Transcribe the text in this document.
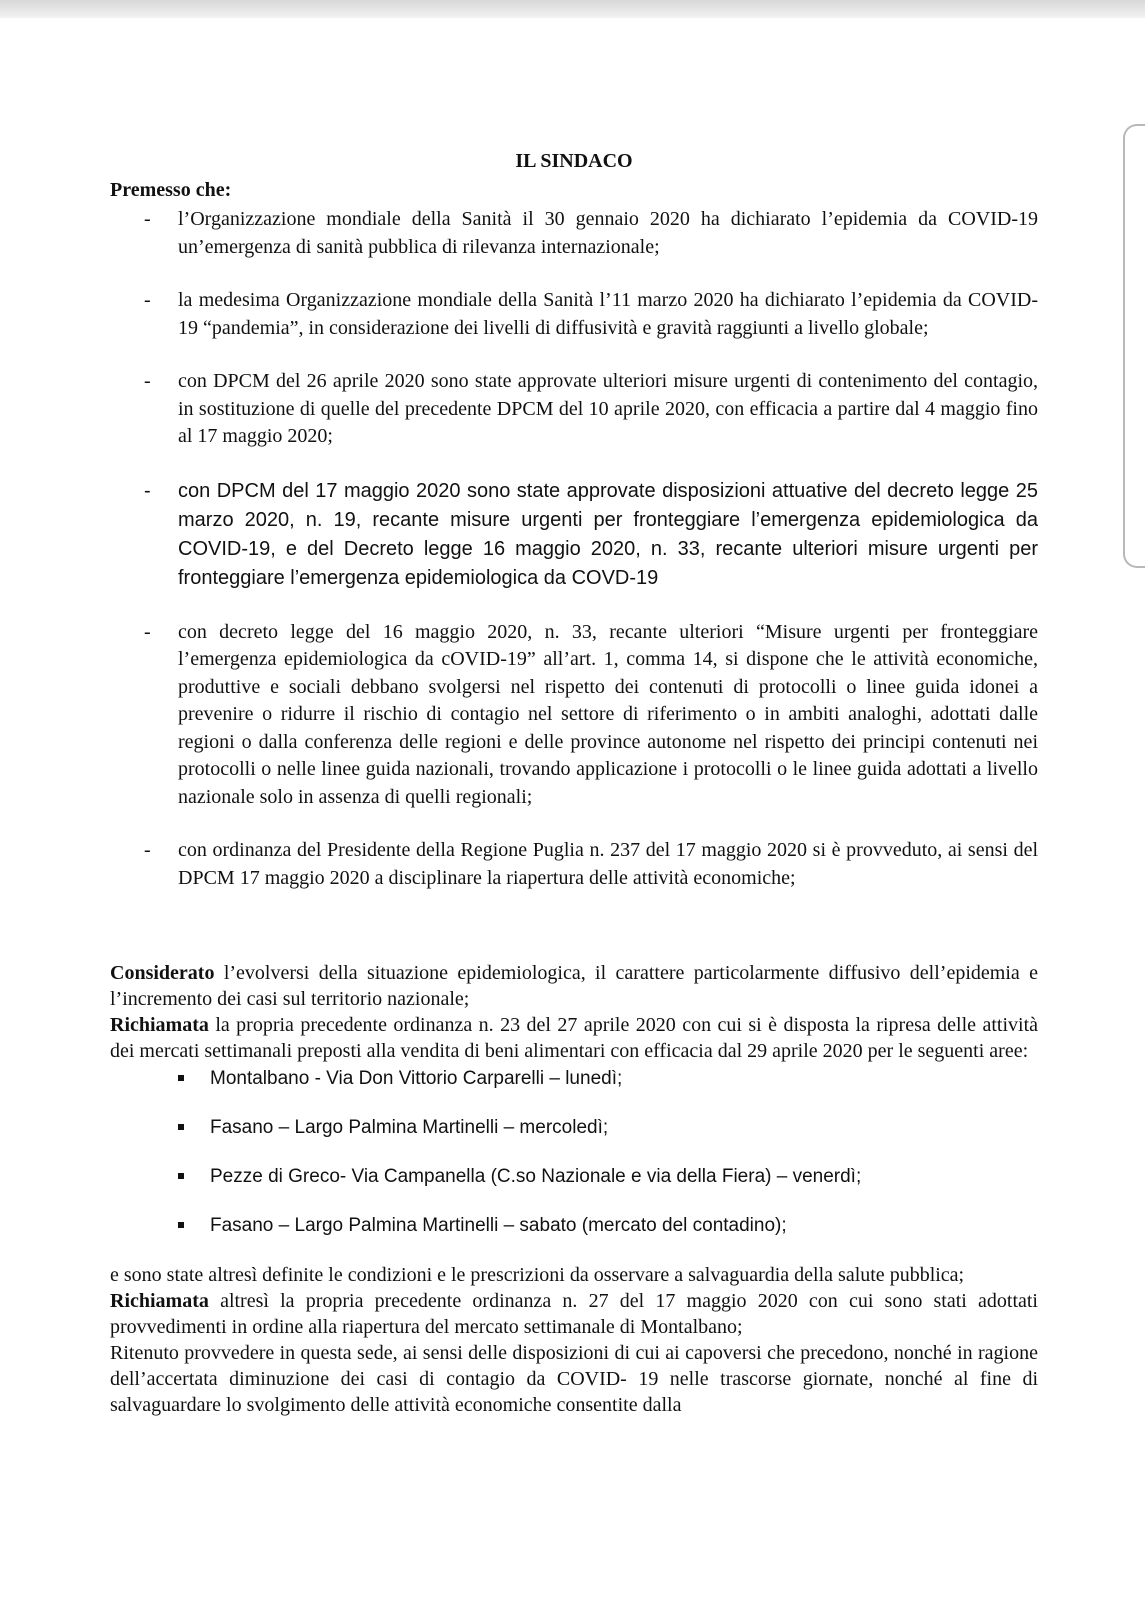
IL SINDACO

Premesso che:

- l’Organizzazione mondiale della Sanità il 30 gennaio 2020 ha dichiarato l’epidemia da COVID-19 un’emergenza di sanità pubblica di rilevanza internazionale;
- la medesima Organizzazione mondiale della Sanità l’11 marzo 2020 ha dichiarato l’epidemia da COVID-19 “pandemia”, in considerazione dei livelli di diffusività e gravità raggiunti a livello globale;
- con DPCM del 26 aprile 2020 sono state approvate ulteriori misure urgenti di contenimento del contagio, in sostituzione di quelle del precedente DPCM del 10 aprile 2020, con efficacia a partire dal 4 maggio fino al 17 maggio 2020;
- con DPCM del 17 maggio 2020 sono state approvate disposizioni attuative del decreto legge 25 marzo 2020, n. 19, recante misure urgenti per fronteggiare l’emergenza epidemiologica da COVID-19, e del Decreto legge 16 maggio 2020, n. 33, recante ulteriori misure urgenti per fronteggiare l’emergenza epidemiologica da COVD-19
- con decreto legge del 16 maggio 2020, n. 33, recante ulteriori “Misure urgenti per fronteggiare l’emergenza epidemiologica da cOVID-19” all’art. 1, comma 14, si dispone che le attività economiche, produttive e sociali debbano svolgersi nel rispetto dei contenuti di protocolli o linee guida idonei a prevenire o ridurre il rischio di contagio nel settore di riferimento o in ambiti analoghi, adottati dalle regioni o dalla conferenza delle regioni e delle province autonome nel rispetto dei principi contenuti nei protocolli o nelle linee guida nazionali, trovando applicazione i protocolli o le linee guida adottati a livello nazionale solo in assenza di quelli regionali;
- con ordinanza del Presidente della Regione Puglia n. 237 del 17 maggio 2020 si è provveduto, ai sensi del DPCM 17 maggio 2020 a disciplinare la riapertura delle attività economiche;

Considerato l’evolversi della situazione epidemiologica, il carattere particolarmente diffusivo dell’epidemia e l’incremento dei casi sul territorio nazionale;

Richiamata la propria precedente ordinanza n. 23 del 27 aprile 2020 con cui si è disposta la ripresa delle attività dei mercati settimanali preposti alla vendita di beni alimentari con efficacia dal 29 aprile 2020 per le seguenti aree:

Montalbano - Via Don Vittorio Carparelli – lunedì;
Fasano – Largo Palmina Martinelli – mercoledì;
Pezze di Greco- Via Campanella (C.so Nazionale e via della Fiera) – venerdì;
Fasano – Largo Palmina Martinelli – sabato (mercato del contadino);

e sono state altresì definite le condizioni e le prescrizioni da osservare a salvaguardia della salute pubblica;

Richiamata altresì la propria precedente ordinanza n. 27 del 17 maggio 2020 con cui sono stati adottati provvedimenti in ordine alla riapertura del mercato settimanale di Montalbano;

Ritenuto provvedere in questa sede, ai sensi delle disposizioni di cui ai capoversi che precedono, nonché in ragione dell’accertata diminuzione dei casi di contagio da COVID- 19 nelle trascorse giornate, nonché al fine di salvaguardare lo svolgimento delle attività economiche consentite dalla
